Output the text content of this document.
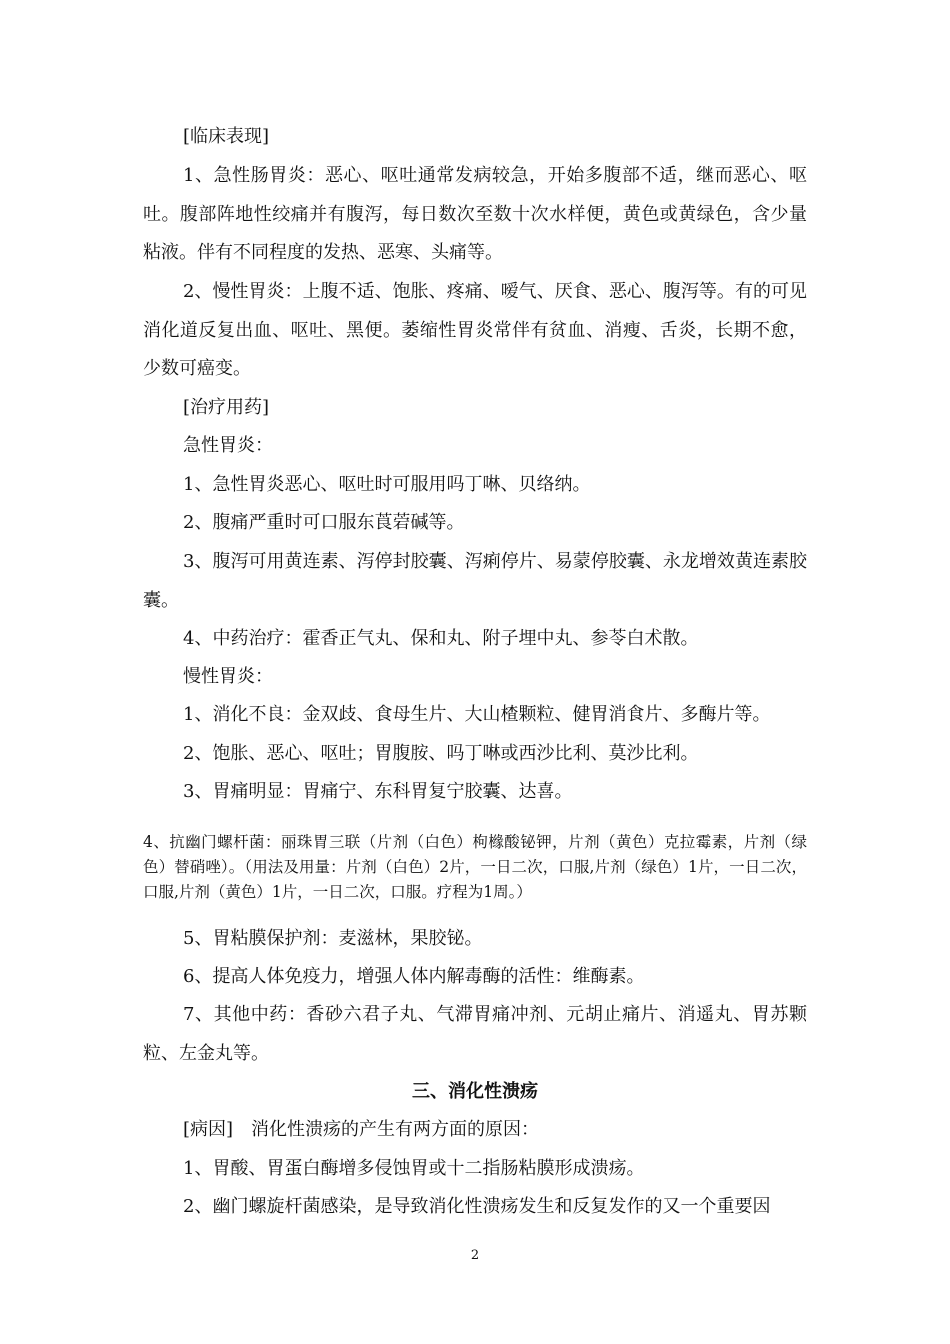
[临床表现]

1、急性肠胃炎：恶心、呕吐通常发病较急，开始多腹部不适，继而恶心、呕吐。腹部阵地性绞痛并有腹泻，每日数次至数十次水样便，黄色或黄绿色，含少量粘液。伴有不同程度的发热、恶寒、头痛等。

2、慢性胃炎：上腹不适、饱胀、疼痛、嗳气、厌食、恶心、腹泻等。有的可见消化道反复出血、呕吐、黑便。萎缩性胃炎常伴有贫血、消瘦、舌炎，长期不愈，少数可癌变。

[治疗用药]

急性胃炎：

1、急性胃炎恶心、呕吐时可服用吗丁啉、贝络纳。

2、腹痛严重时可口服东莨菪碱等。

3、腹泻可用黄连素、泻停封胶囊、泻痢停片、易蒙停胶囊、永龙增效黄连素胶囊。

4、中药治疗：霍香正气丸、保和丸、附子埋中丸、参苓白术散。

慢性胃炎：

1、消化不良：金双歧、食母生片、大山楂颗粒、健胃消食片、多酶片等。

2、饱胀、恶心、呕吐；胃腹胺、吗丁啉或西沙比利、莫沙比利。

3、胃痛明显：胃痛宁、东科胃复宁胶囊、达喜。

4、抗幽门螺杆菌：丽珠胃三联（片剂（白色）枸橼酸铋钾，片剂（黄色）克拉霉素，片剂（绿色）替硝唑）。（用法及用量：片剂（白色）2片，一日二次，口服,片剂（绿色）1片，一日二次，口服,片剂（黄色）1片，一日二次，口服。疗程为1周。）

5、胃粘膜保护剂：麦滋林，果胶铋。

6、提高人体免疫力，增强人体内解毒酶的活性：维酶素。

7、其他中药：香砂六君子丸、气滞胃痛冲剂、元胡止痛片、消遥丸、胃苏颗粒、左金丸等。

三、消化性溃疡

[病因]　消化性溃疡的产生有两方面的原因：

1、胃酸、胃蛋白酶增多侵蚀胃或十二指肠粘膜形成溃疡。

2、幽门螺旋杆菌感染，是导致消化性溃疡发生和反复发作的又一个重要因

2
